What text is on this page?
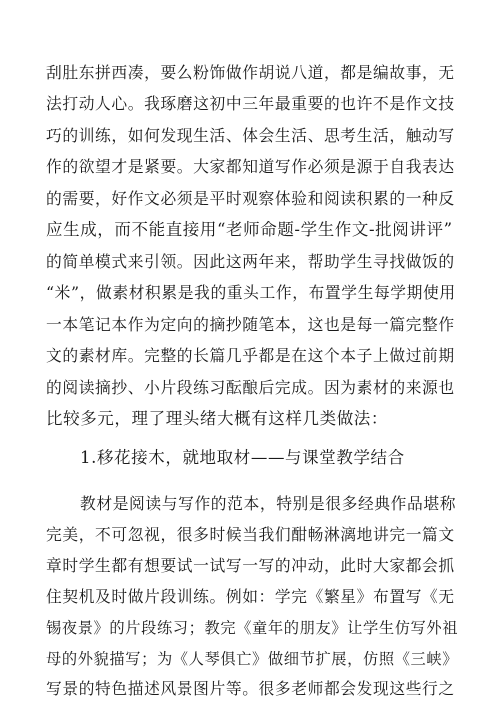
刮肚东拼西凑，要么粉饰做作胡说八道，都是编故事，无
法打动人心。我琢磨这初中三年最重要的也许不是作文技
巧的训练，如何发现生活、体会生活、思考生活，触动写
作的欲望才是紧要。大家都知道写作必须是源于自我表达
的需要，好作文必须是平时观察体验和阅读积累的一种反
应生成，而不能直接用“老师命题-学生作文-批阅讲评”
的简单模式来引领。因此这两年来，帮助学生寻找做饭的
“米”，做素材积累是我的重头工作，布置学生每学期使用
一本笔记本作为定向的摘抄随笔本，这也是每一篇完整作
文的素材库。完整的长篇几乎都是在这个本子上做过前期
的阅读摘抄、小片段练习酝酿后完成。因为素材的来源也
比较多元，理了理头绪大概有这样几类做法：
1.移花接木，就地取材——与课堂教学结合
教材是阅读与写作的范本，特别是很多经典作品堪称
完美，不可忽视，很多时候当我们酣畅淋漓地讲完一篇文
章时学生都有想要试一试写一写的冲动，此时大家都会抓
住契机及时做片段训练。例如：学完《繁星》布置写《无
锡夜景》的片段练习；教完《童年的朋友》让学生仿写外祖
母的外貌描写；为《人琴俱亡》做细节扩展，仿照《三峡》
写景的特色描述风景图片等。很多老师都会发现这些行之
